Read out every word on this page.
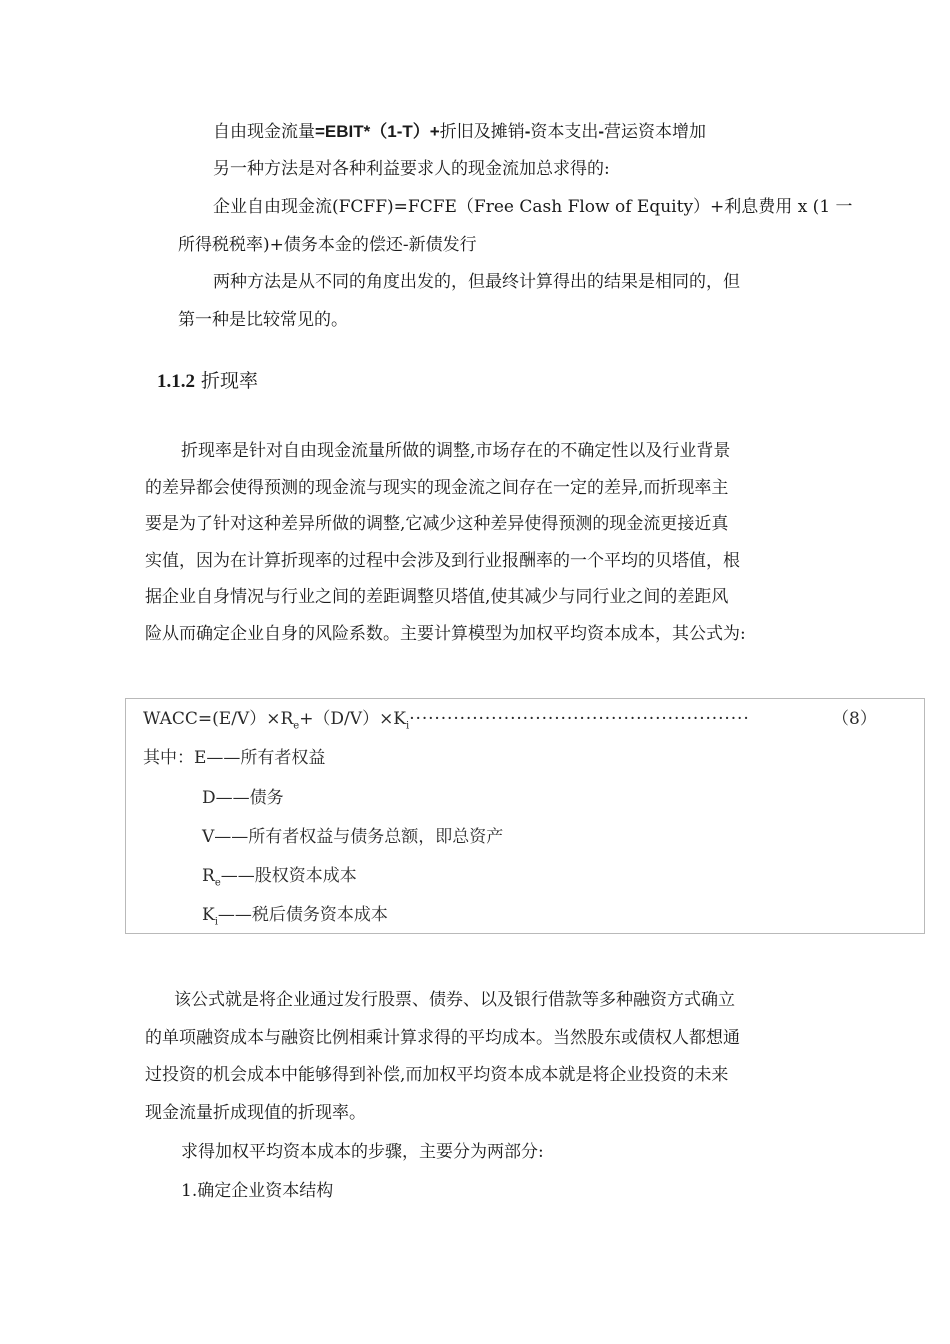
自由现金流量=EBIT*（1-T）+折旧及摊销-资本支出-营运资本增加
另一种方法是对各种利益要求人的现金流加总求得的:
企业自由现金流(FCFF)=FCFE（Free Cash Flow of Equity）+利息费用 x (1 一
所得税税率)+债务本金的偿还-新债发行
两种方法是从不同的角度出发的，但最终计算得出的结果是相同的，但
第一种是比较常见的。
1.1.2 折现率
折现率是针对自由现金流量所做的调整,市场存在的不确定性以及行业背景
的差异都会使得预测的现金流与现实的现金流之间存在一定的差异,而折现率主
要是为了针对这种差异所做的调整,它减少这种差异使得预测的现金流更接近真
实值，因为在计算折现率的过程中会涉及到行业报酬率的一个平均的贝塔值，根
据企业自身情况与行业之间的差距调整贝塔值,使其减少与同行业之间的差距风
险从而确定企业自身的风险系数。主要计算模型为加权平均资本成本，其公式为:
$WACC=(E/V)\times R_e+(D/V)\times K_i\cdot\cdot\cdot\cdot\cdot\cdot\cdot\cdot\cdot\cdot\cdot\cdot\cdot\cdot\cdot\cdot\cdot\cdot\cdot\cdot\cdot\cdot\cdot\cdot\cdot\cdot\cdot\cdot\cdot\cdot\cdot\cdot\cdot\cdot\cdot\cdot\cdot\cdot\cdot\cdot\cdot\cdot\cdot\cdot\cdot\cdot\cdot\cdot\cdot\cdot\cdot\cdot\cdot\cdot$	（8）
其中：E——所有者权益
D——债务
V——所有者权益与债务总额，即总资产
$R_e——$股权资本成本
$K_i——$税后债务资本成本
该公式就是将企业通过发行股票、债券、以及银行借款等多种融资方式确立
的单项融资成本与融资比例相乘计算求得的平均成本。当然股东或债权人都想通
过投资的机会成本中能够得到补偿,而加权平均资本成本就是将企业投资的未来
现金流量折成现值的折现率。
求得加权平均资本成本的步骤，主要分为两部分:
1.确定企业资本结构
